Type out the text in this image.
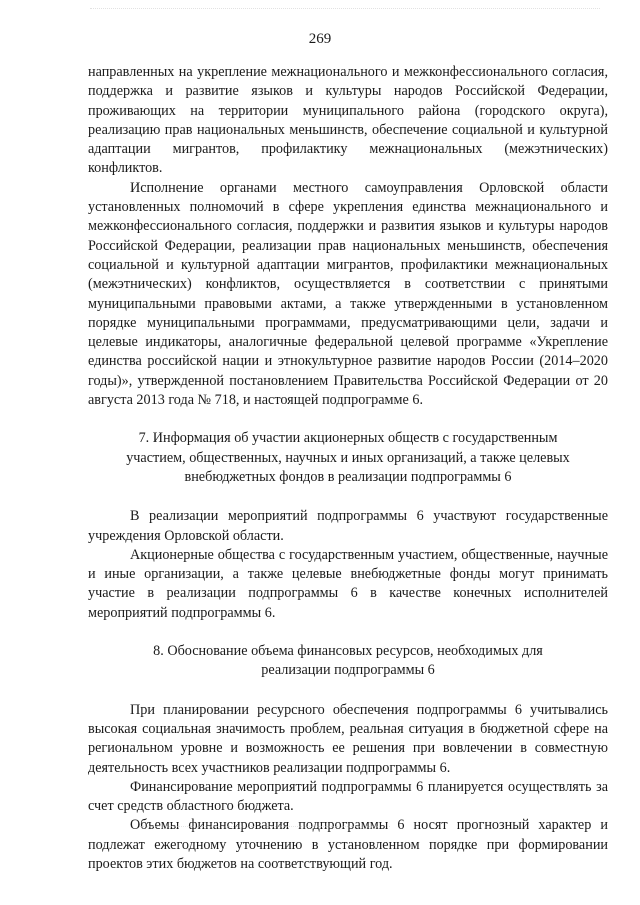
269

направленных на укрепление межнационального и межконфессионального согласия, поддержка и развитие языков и культуры народов Российской Федерации, проживающих на территории муниципального района (городского округа), реализацию прав национальных меньшинств, обеспечение социальной и культурной адаптации мигрантов, профилактику межнациональных (межэтнических) конфликтов.

Исполнение органами местного самоуправления Орловской области установленных полномочий в сфере укрепления единства межнационального и межконфессионального согласия, поддержки и развития языков и культуры народов Российской Федерации, реализации прав национальных меньшинств, обеспечения социальной и культурной адаптации мигрантов, профилактики межнациональных (межэтнических) конфликтов, осуществляется в соответствии с принятыми муниципальными правовыми актами, а также утвержденными в установленном порядке муниципальными программами, предусматривающими цели, задачи и целевые индикаторы, аналогичные федеральной целевой программе «Укрепление единства российской нации и этнокультурное развитие народов России (2014–2020 годы)», утвержденной постановлением Правительства Российской Федерации от 20 августа 2013 года № 718, и настоящей подпрограмме 6.

7. Информация об участии акционерных обществ с государственным участием, общественных, научных и иных организаций, а также целевых внебюджетных фондов в реализации подпрограммы 6

В реализации мероприятий подпрограммы 6 участвуют государственные учреждения Орловской области.

Акционерные общества с государственным участием, общественные, научные и иные организации, а также целевые внебюджетные фонды могут принимать участие в реализации подпрограммы 6 в качестве конечных исполнителей мероприятий подпрограммы 6.

8. Обоснование объема финансовых ресурсов, необходимых для реализации подпрограммы 6

При планировании ресурсного обеспечения подпрограммы 6 учитывались высокая социальная значимость проблем, реальная ситуация в бюджетной сфере на региональном уровне и возможность ее решения при вовлечении в совместную деятельность всех участников реализации подпрограммы 6.

Финансирование мероприятий подпрограммы 6 планируется осуществлять за счет средств областного бюджета.

Объемы финансирования подпрограммы 6 носят прогнозный характер и подлежат ежегодному уточнению в установленном порядке при формировании проектов этих бюджетов на соответствующий год.
